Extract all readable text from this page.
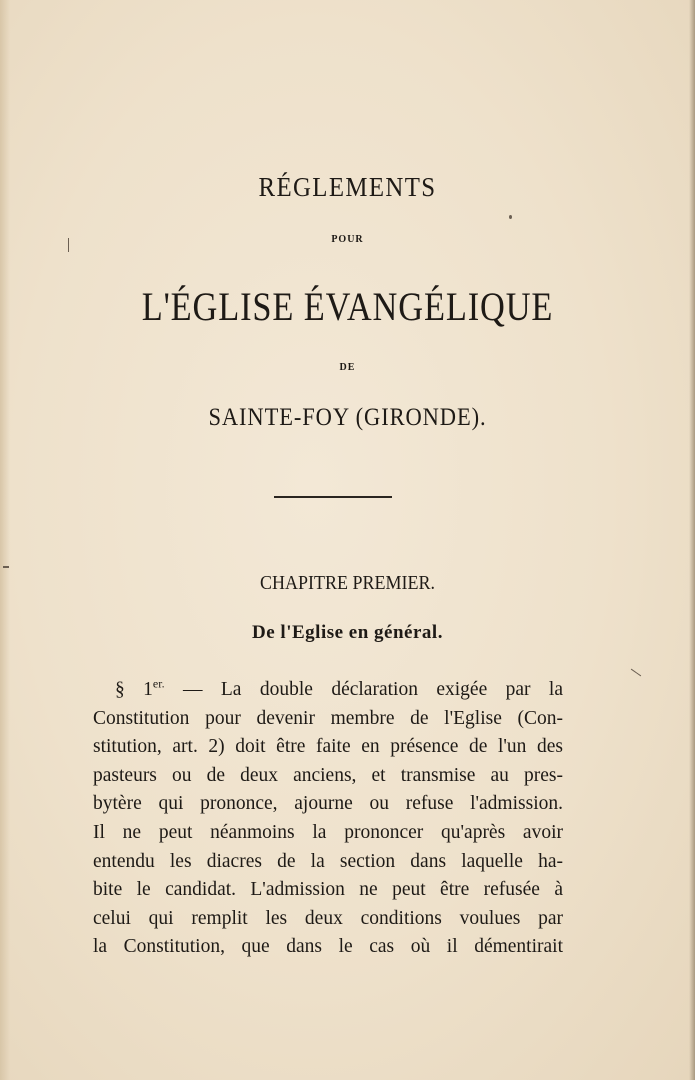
RÉGLEMENTS
POUR
L'ÉGLISE ÉVANGÉLIQUE
DE
SAINTE-FOY (GIRONDE).
CHAPITRE PREMIER.
De l'Eglise en général.
§ $1^{er.}$ — La double déclaration exigée par la
Constitution pour devenir membre de l'Eglise (Con-
stitution, art. 2) doit être faite en présence de l'un des
pasteurs ou de deux anciens, et transmise au pres-
bytère qui prononce, ajourne ou refuse l'admission.
Il ne peut néanmoins la prononcer qu'après avoir
entendu les diacres de la section dans laquelle ha-
bite le candidat. L'admission ne peut être refusée à
celui qui remplit les deux conditions voulues par
la Constitution, que dans le cas où il démentirait
